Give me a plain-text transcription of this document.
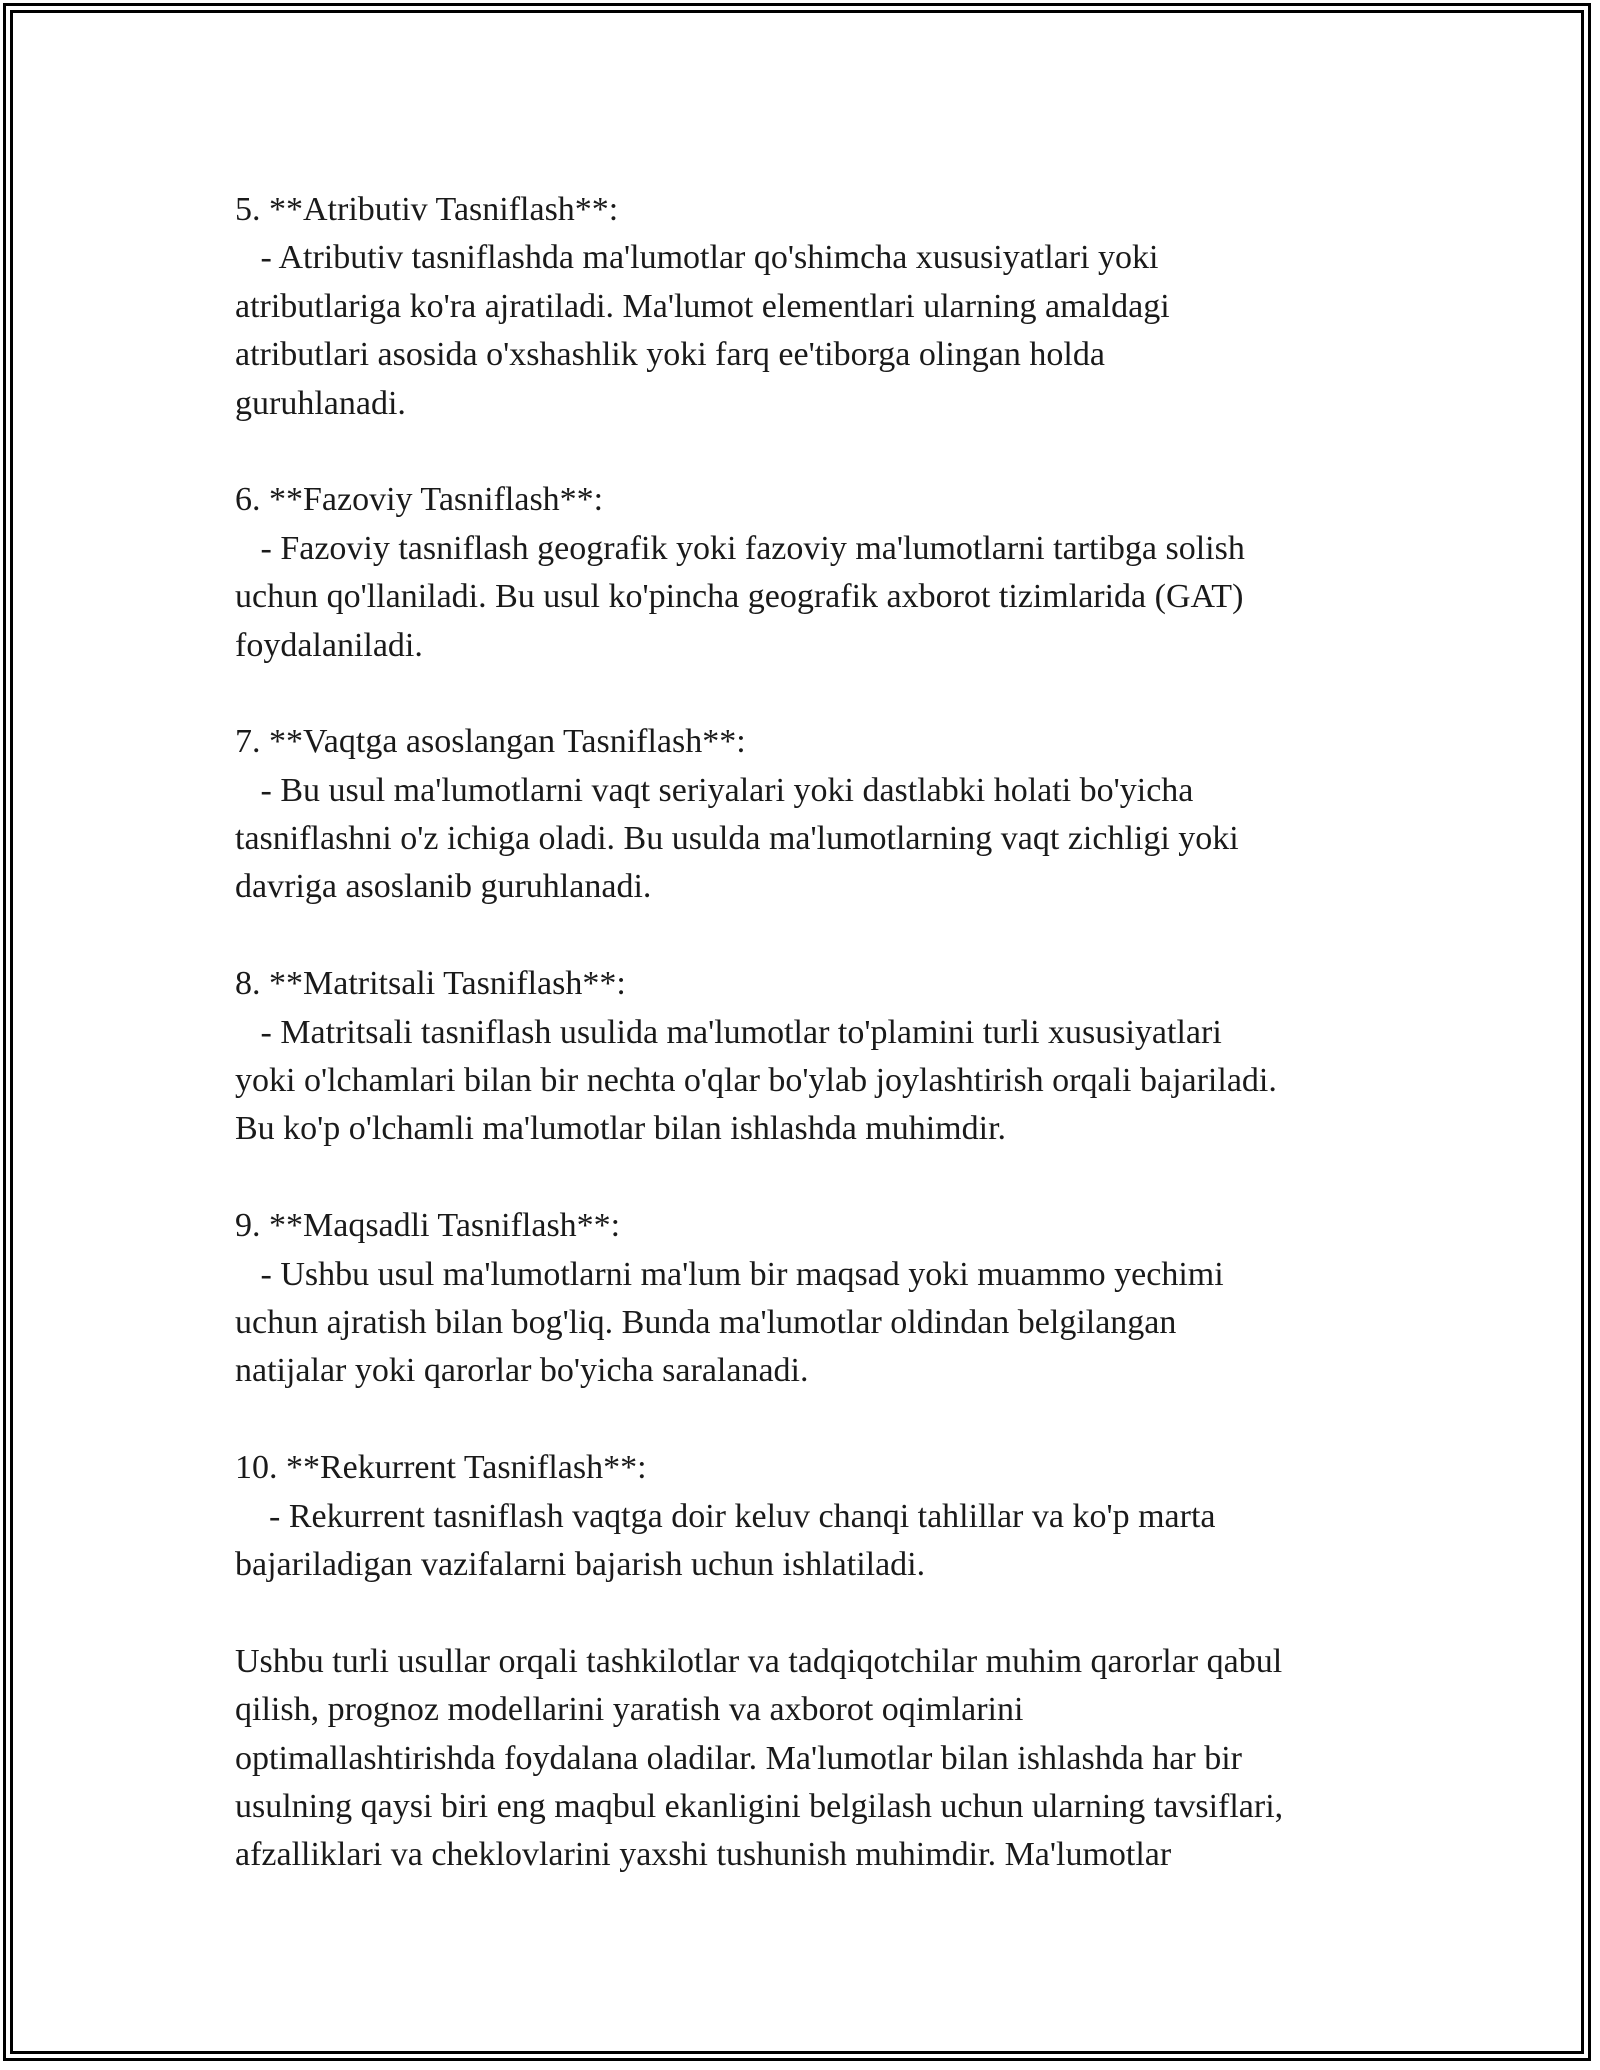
5. **Atributiv Tasniflash**:
- Atributiv tasniflashda ma'lumotlar qo'shimcha xususiyatlari yoki
atributlariga ko'ra ajratiladi. Ma'lumot elementlari ularning amaldagi
atributlari asosida o'xshashlik yoki farq ee'tiborga olingan holda
guruhlanadi.
6. **Fazoviy Tasniflash**:
- Fazoviy tasniflash geografik yoki fazoviy ma'lumotlarni tartibga solish
uchun qo'llaniladi. Bu usul ko'pincha geografik axborot tizimlarida (GAT)
foydalaniladi.
7. **Vaqtga asoslangan Tasniflash**:
- Bu usul ma'lumotlarni vaqt seriyalari yoki dastlabki holati bo'yicha
tasniflashni o'z ichiga oladi. Bu usulda ma'lumotlarning vaqt zichligi yoki
davriga asoslanib guruhlanadi.
8. **Matritsali Tasniflash**:
- Matritsali tasniflash usulida ma'lumotlar to'plamini turli xususiyatlari
yoki o'lchamlari bilan bir nechta o'qlar bo'ylab joylashtirish orqali bajariladi.
Bu ko'p o'lchamli ma'lumotlar bilan ishlashda muhimdir.
9. **Maqsadli Tasniflash**:
- Ushbu usul ma'lumotlarni ma'lum bir maqsad yoki muammo yechimi
uchun ajratish bilan bog'liq. Bunda ma'lumotlar oldindan belgilangan
natijalar yoki qarorlar bo'yicha saralanadi.
10. **Rekurrent Tasniflash**:
- Rekurrent tasniflash vaqtga doir keluv chanqi tahlillar va ko'p marta
bajariladigan vazifalarni bajarish uchun ishlatiladi.
Ushbu turli usullar orqali tashkilotlar va tadqiqotchilar muhim qarorlar qabul
qilish, prognoz modellarini yaratish va axborot oqimlarini
optimallashtirishda foydalana oladilar. Ma'lumotlar bilan ishlashda har bir
usulning qaysi biri eng maqbul ekanligini belgilash uchun ularning tavsiflari,
afzalliklari va cheklovlarini yaxshi tushunish muhimdir. Ma'lumotlar
